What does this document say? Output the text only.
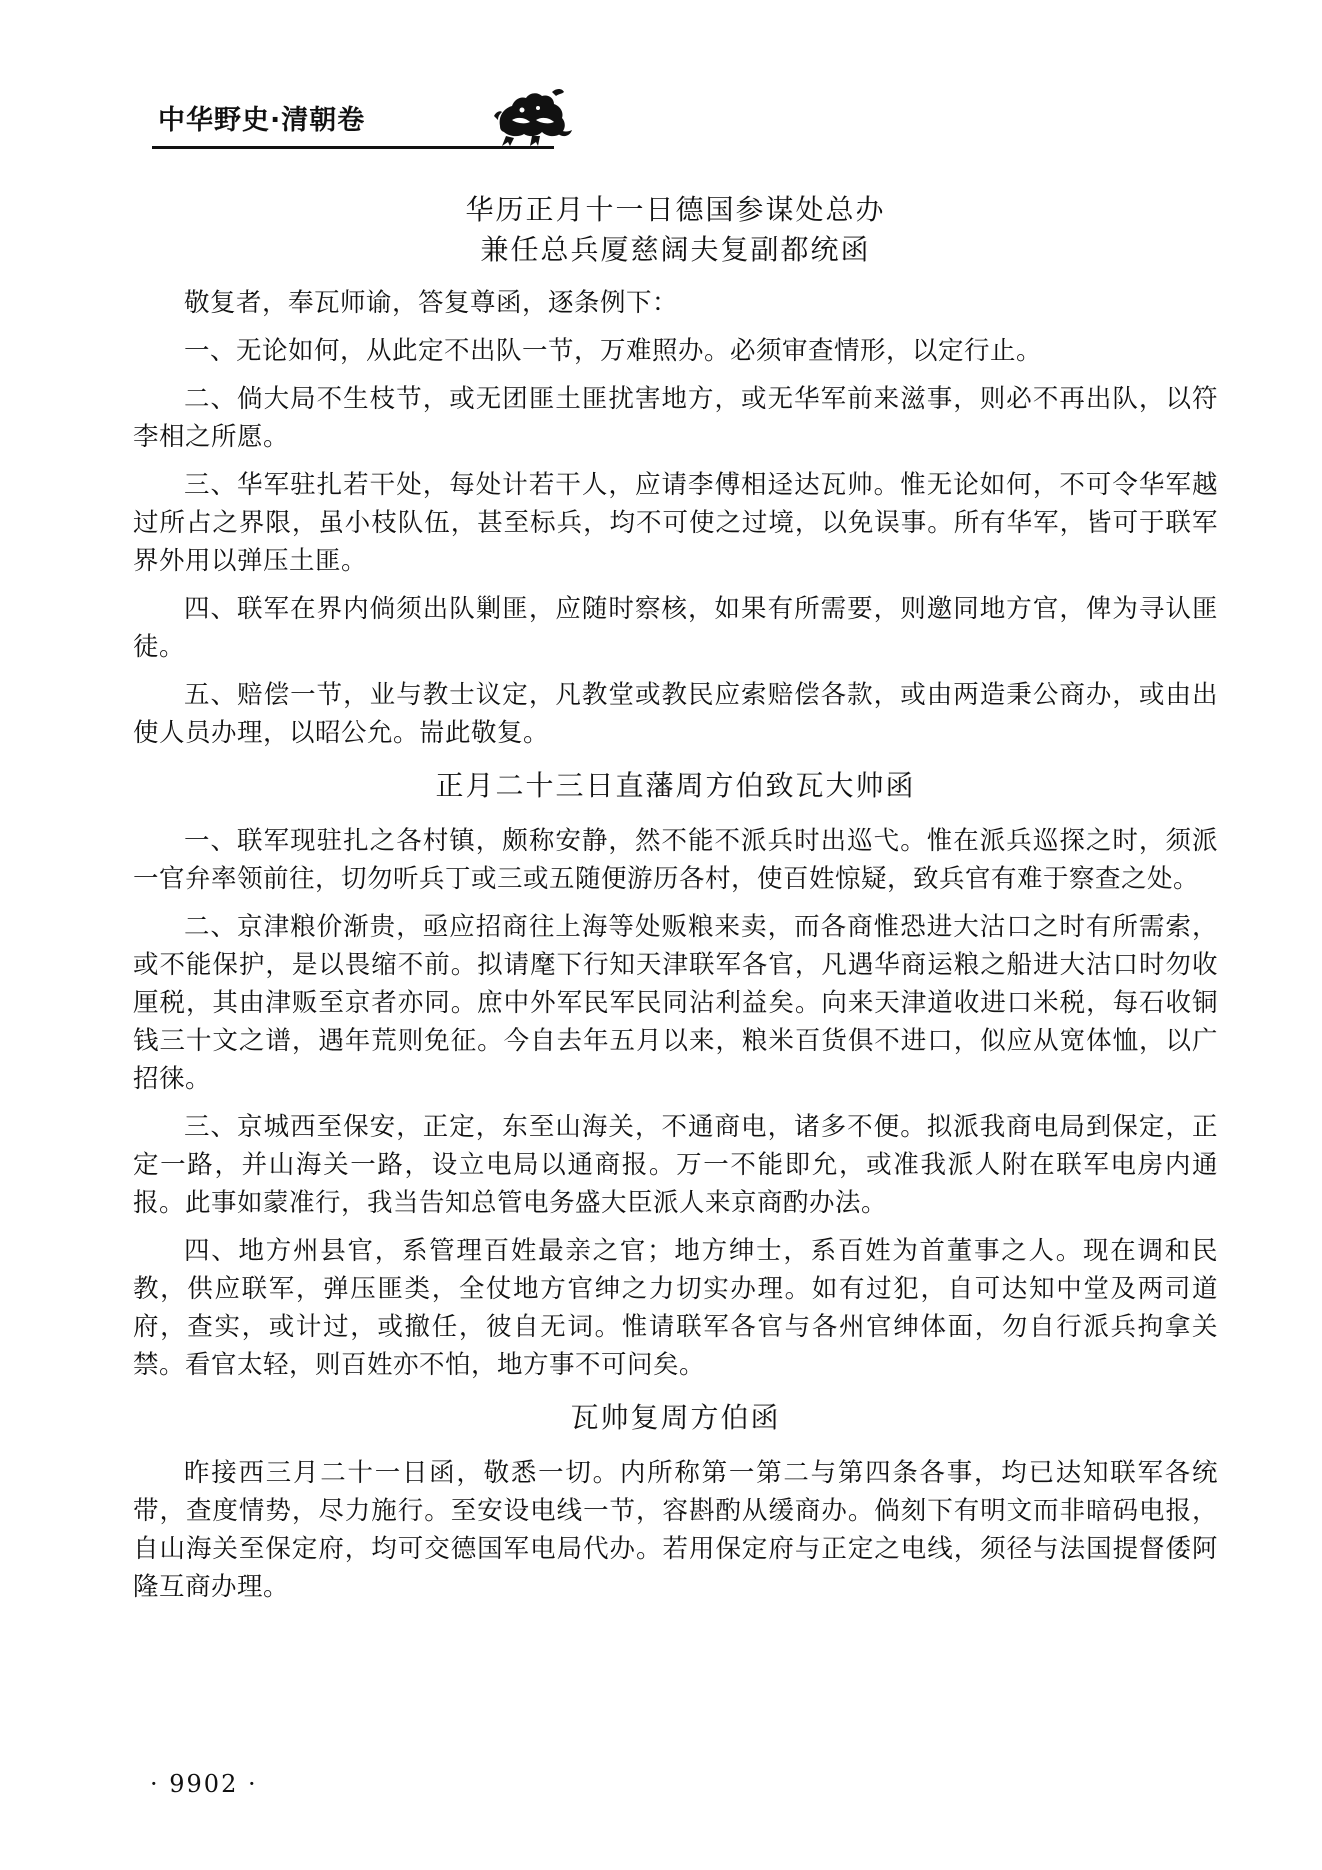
中华野史·清朝卷
华历正月十一日德国参谋处总办
兼任总兵厦慈阔夫复副都统函

敬复者，奉瓦师谕，答复尊函，逐条例下：

一、无论如何，从此定不出队一节，万难照办。必须审查情形，以定行止。

二、倘大局不生枝节，或无团匪土匪扰害地方，或无华军前来滋事，则必不再出队，以符李相之所愿。

三、华军驻扎若干处，每处计若干人，应请李傅相迳达瓦帅。惟无论如何，不可令华军越过所占之界限，虽小枝队伍，甚至标兵，均不可使之过境，以免误事。所有华军，皆可于联军界外用以弹压土匪。

四、联军在界内倘须出队剿匪，应随时察核，如果有所需要，则邀同地方官，俾为寻认匪徒。

五、赔偿一节，业与教士议定，凡教堂或教民应索赔偿各款，或由两造秉公商办，或由出使人员办理，以昭公允。耑此敬复。

正月二十三日直藩周方伯致瓦大帅函

一、联军现驻扎之各村镇，颇称安静，然不能不派兵时出巡弋。惟在派兵巡探之时，须派一官弁率领前往，切勿听兵丁或三或五随便游历各村，使百姓惊疑，致兵官有难于察查之处。

二、京津粮价渐贵，亟应招商往上海等处贩粮来卖，而各商惟恐进大沽口之时有所需索，或不能保护，是以畏缩不前。拟请麾下行知天津联军各官，凡遇华商运粮之船进大沽口时勿收厘税，其由津贩至京者亦同。庶中外军民军民同沾利益矣。向来天津道收进口米税，每石收铜钱三十文之谱，遇年荒则免征。今自去年五月以来，粮米百货俱不进口，似应从宽体恤，以广招徕。

三、京城西至保安，正定，东至山海关，不通商电，诸多不便。拟派我商电局到保定，正定一路，并山海关一路，设立电局以通商报。万一不能即允，或准我派人附在联军电房内通报。此事如蒙准行，我当告知总管电务盛大臣派人来京商酌办法。

四、地方州县官，系管理百姓最亲之官；地方绅士，系百姓为首董事之人。现在调和民教，供应联军，弹压匪类，全仗地方官绅之力切实办理。如有过犯，自可达知中堂及两司道府，查实，或计过，或撤任，彼自无词。惟请联军各官与各州官绅体面，勿自行派兵拘拿关禁。看官太轻，则百姓亦不怕，地方事不可问矣。

瓦帅复周方伯函

昨接西三月二十一日函，敬悉一切。内所称第一第二与第四条各事，均已达知联军各统带，查度情势，尽力施行。至安设电线一节，容斟酌从缓商办。倘刻下有明文而非暗码电报，自山海关至保定府，均可交德国军电局代办。若用保定府与正定之电线，须径与法国提督倭阿隆互商办理。

· 9902 ·
